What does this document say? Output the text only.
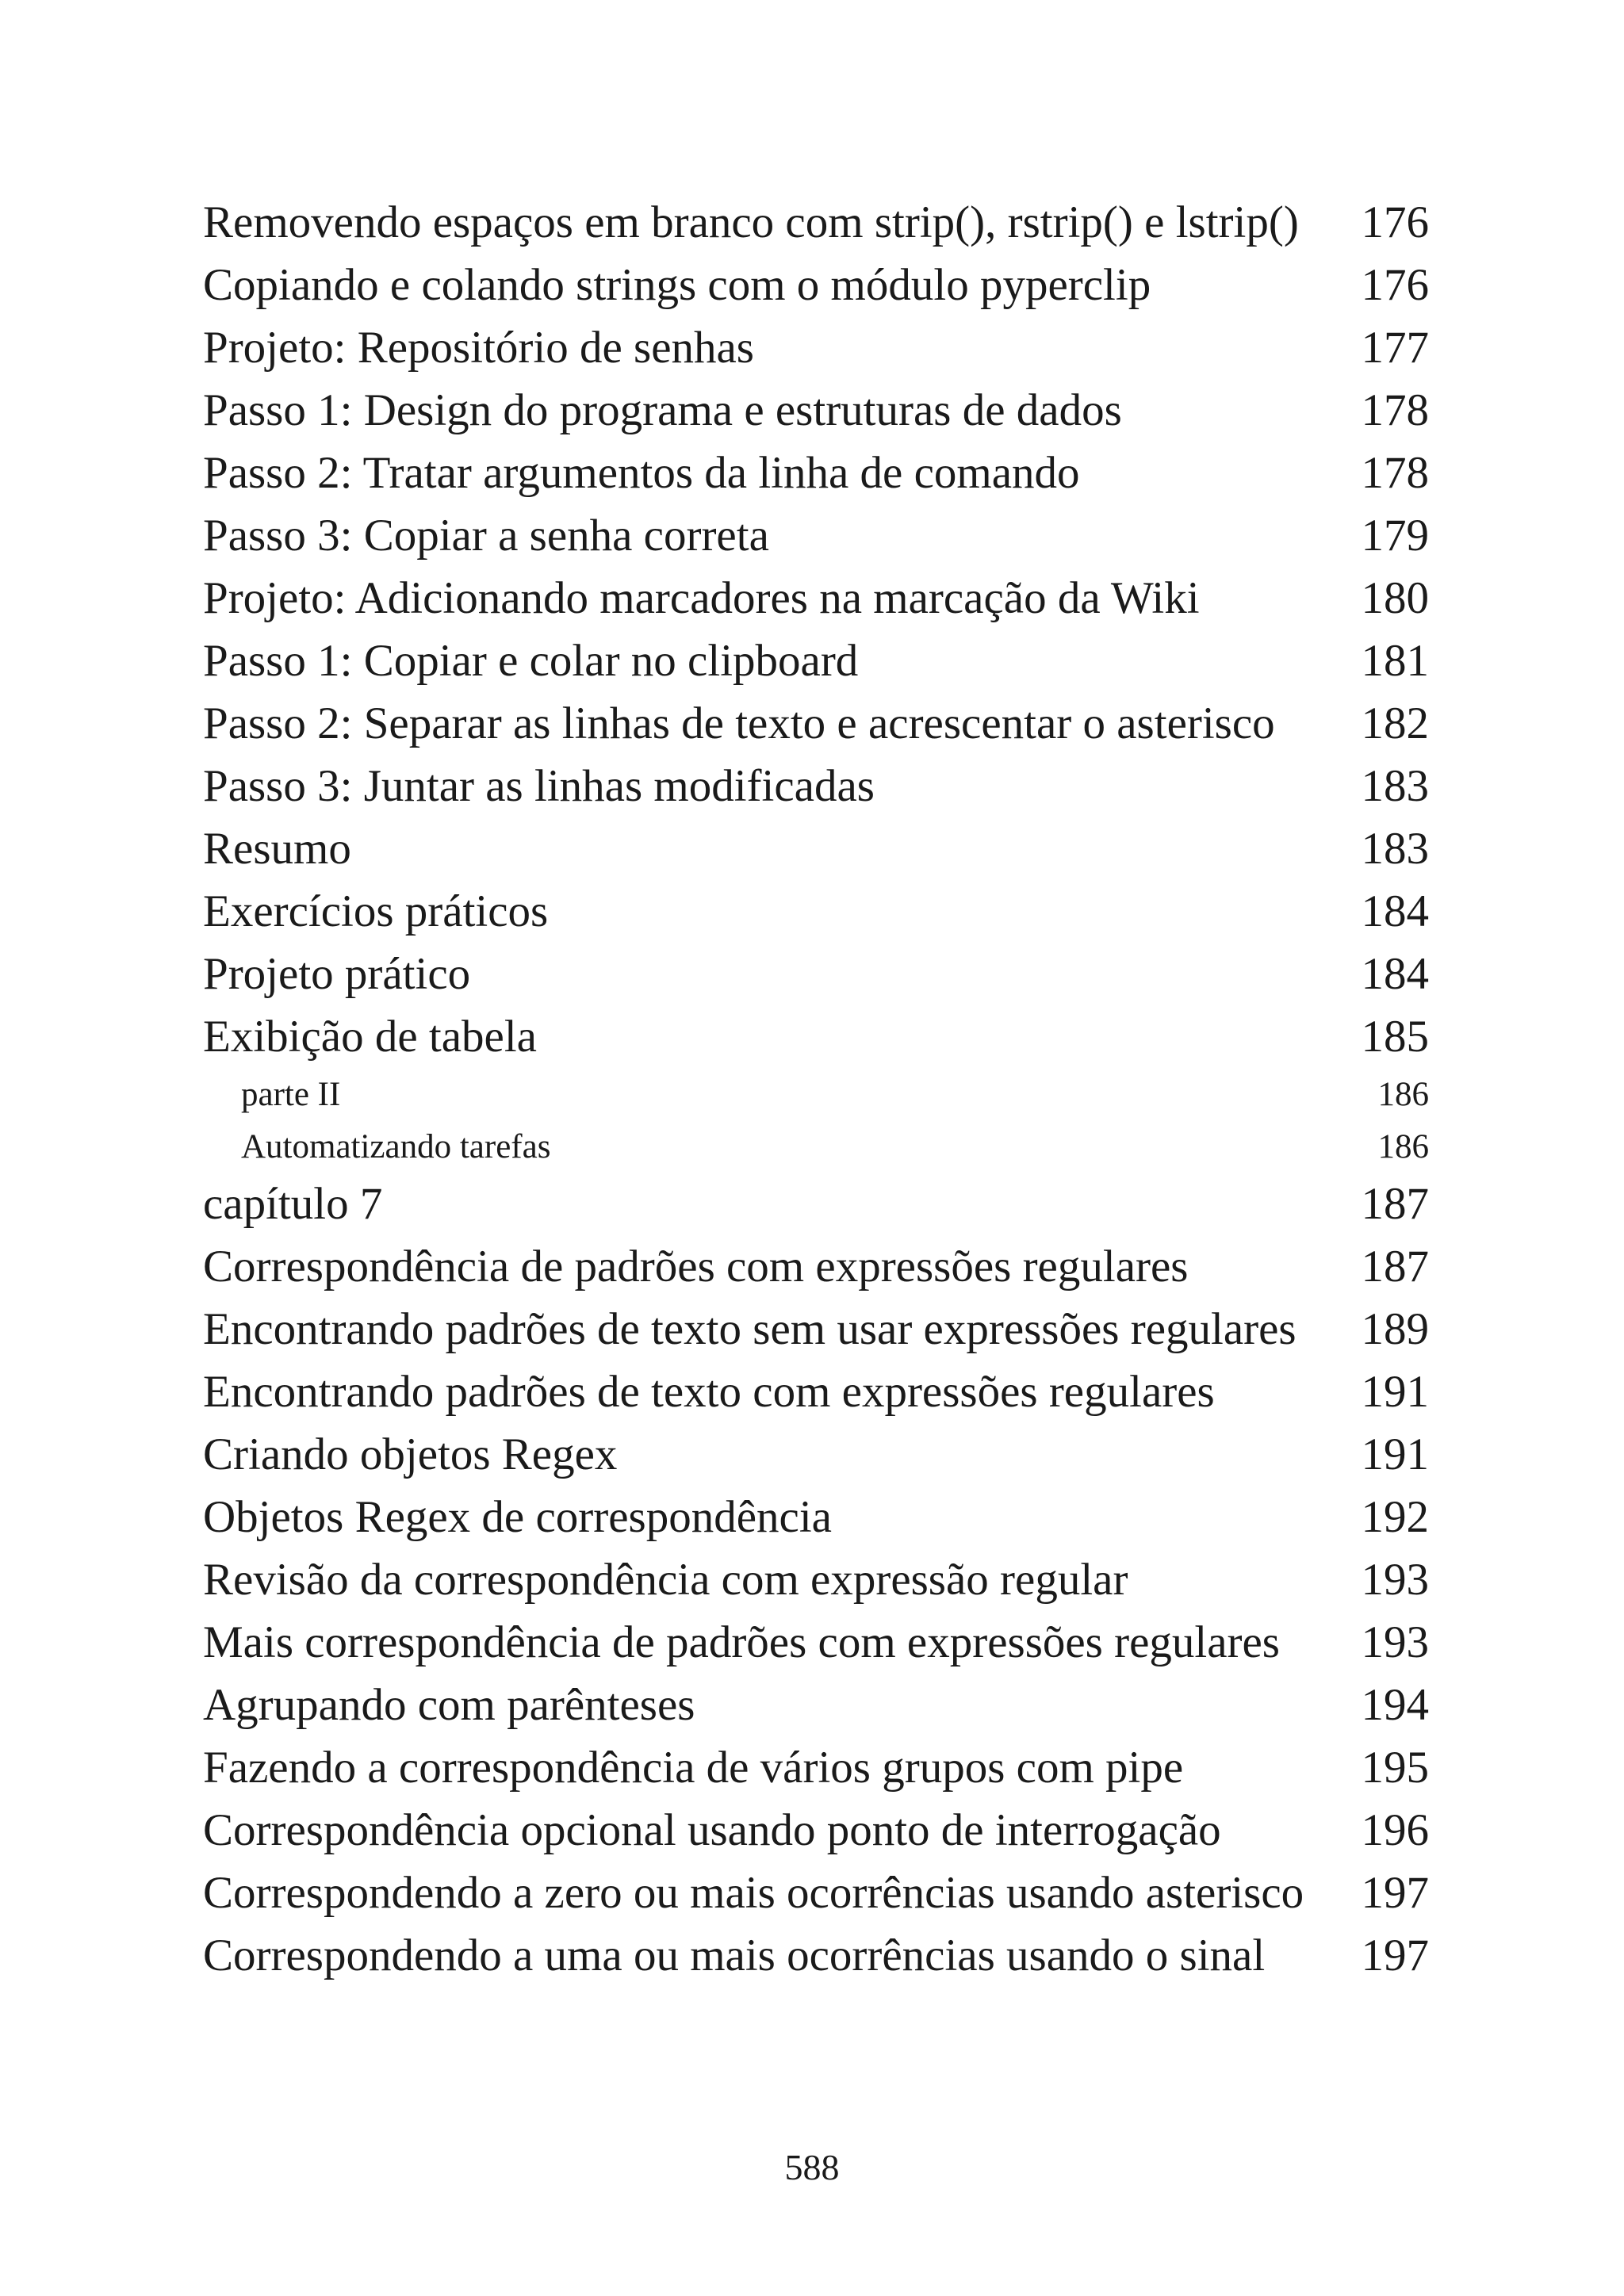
Removendo espaços em branco com strip(), rstrip() e lstrip()	176
Copiando e colando strings com o módulo pyperclip	176
Projeto: Repositório de senhas	177
Passo 1: Design do programa e estruturas de dados	178
Passo 2: Tratar argumentos da linha de comando	178
Passo 3: Copiar a senha correta	179
Projeto: Adicionando marcadores na marcação da Wiki	180
Passo 1: Copiar e colar no clipboard	181
Passo 2: Separar as linhas de texto e acrescentar o asterisco	182
Passo 3: Juntar as linhas modificadas	183
Resumo	183
Exercícios práticos	184
Projeto prático	184
Exibição de tabela	185
parte II	186
Automatizando tarefas	186
capítulo 7	187
Correspondência de padrões com expressões regulares	187
Encontrando padrões de texto sem usar expressões regulares	189
Encontrando padrões de texto com expressões regulares	191
Criando objetos Regex	191
Objetos Regex de correspondência	192
Revisão da correspondência com expressão regular	193
Mais correspondência de padrões com expressões regulares	193
Agrupando com parênteses	194
Fazendo a correspondência de vários grupos com pipe	195
Correspondência opcional usando ponto de interrogação	196
Correspondendo a zero ou mais ocorrências usando asterisco	197
Correspondendo a uma ou mais ocorrências usando o sinal	197
588
